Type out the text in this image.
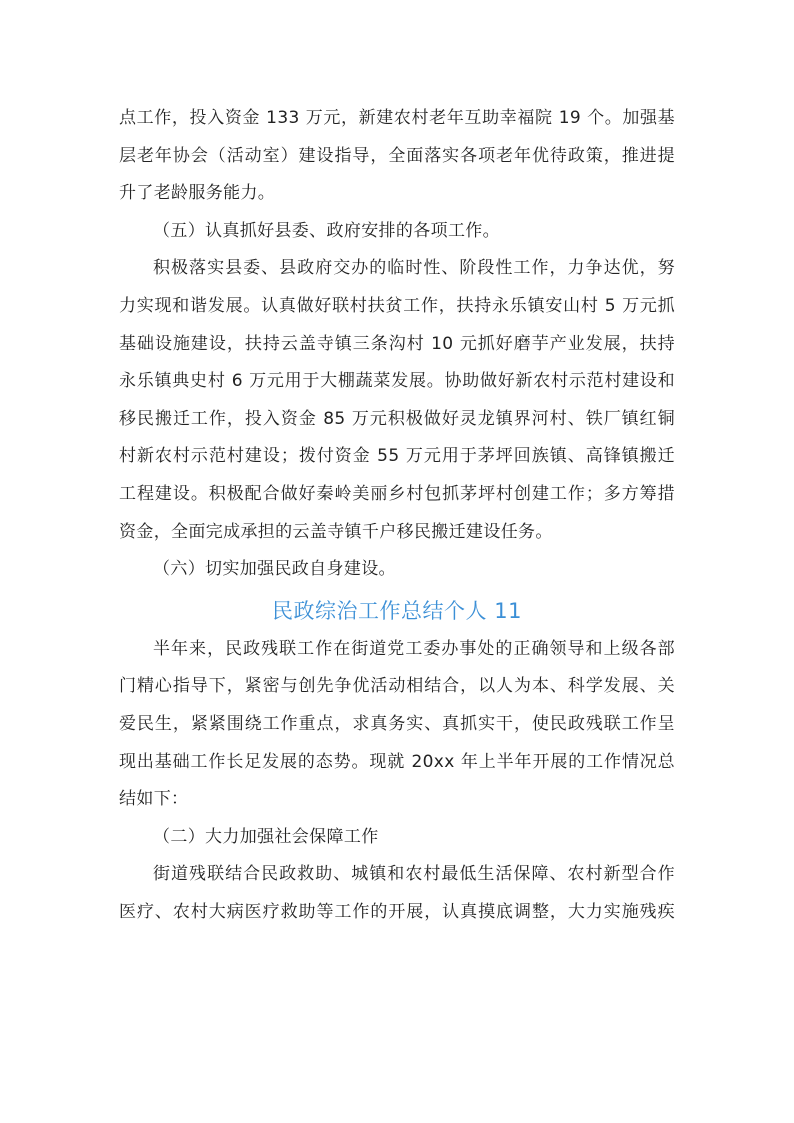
点工作，投入资金 133 万元，新建农村老年互助幸福院 19 个。加强基
层老年协会（活动室）建设指导，全面落实各项老年优待政策，推进提
升了老龄服务能力。
（五）认真抓好县委、政府安排的各项工作。
积极落实县委、县政府交办的临时性、阶段性工作，力争达优，努
力实现和谐发展。认真做好联村扶贫工作，扶持永乐镇安山村 5 万元抓
基础设施建设，扶持云盖寺镇三条沟村 10 元抓好磨芋产业发展，扶持
永乐镇典史村 6 万元用于大棚蔬菜发展。协助做好新农村示范村建设和
移民搬迁工作，投入资金 85 万元积极做好灵龙镇界河村、铁厂镇红铜
村新农村示范村建设；拨付资金 55 万元用于茅坪回族镇、高锋镇搬迁
工程建设。积极配合做好秦岭美丽乡村包抓茅坪村创建工作；多方筹措
资金，全面完成承担的云盖寺镇千户移民搬迁建设任务。
（六）切实加强民政自身建设。
民政综治工作总结个人 11
半年来，民政残联工作在街道党工委办事处的正确领导和上级各部
门精心指导下，紧密与创先争优活动相结合，以人为本、科学发展、关
爱民生，紧紧围绕工作重点，求真务实、真抓实干，使民政残联工作呈
现出基础工作长足发展的态势。现就 20xx 年上半年开展的工作情况总
结如下：
（二）大力加强社会保障工作
街道残联结合民政救助、城镇和农村最低生活保障、农村新型合作
医疗、农村大病医疗救助等工作的开展，认真摸底调整，大力实施残疾
